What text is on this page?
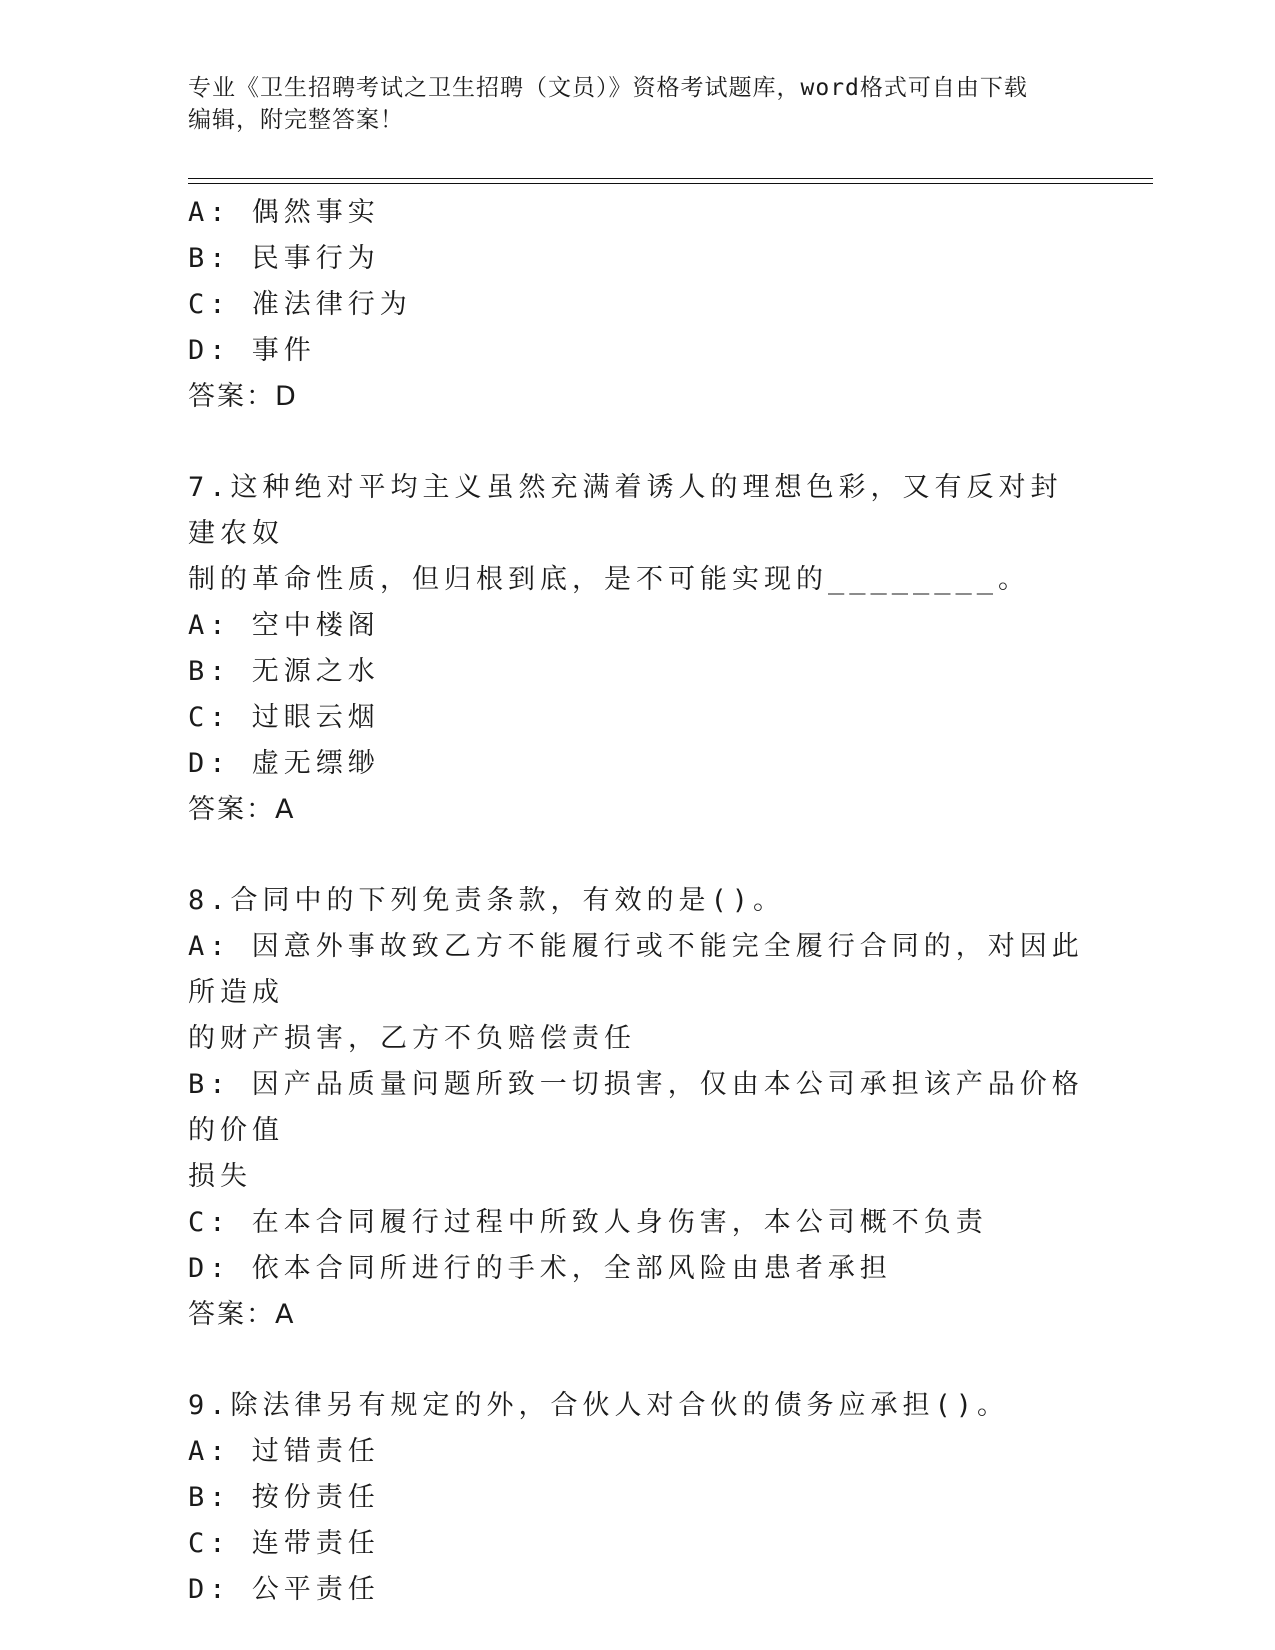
专业《卫生招聘考试之卫生招聘（文员）》资格考试题库，word格式可自由下载
编辑，附完整答案！
A: 偶然事实
B: 民事行为
C: 准法律行为
D: 事件
答案：D
7.这种绝对平均主义虽然充满着诱人的理想色彩，又有反对封建农奴
制的革命性质，但归根到底，是不可能实现的________。
A: 空中楼阁
B: 无源之水
C: 过眼云烟
D: 虚无缥缈
答案：A
8.合同中的下列免责条款，有效的是()。
A: 因意外事故致乙方不能履行或不能完全履行合同的，对因此所造成
的财产损害，乙方不负赔偿责任
B: 因产品质量问题所致一切损害，仅由本公司承担该产品价格的价值
损失
C: 在本合同履行过程中所致人身伤害，本公司概不负责
D: 依本合同所进行的手术，全部风险由患者承担
答案：A
9.除法律另有规定的外，合伙人对合伙的债务应承担()。
A: 过错责任
B: 按份责任
C: 连带责任
D: 公平责任
